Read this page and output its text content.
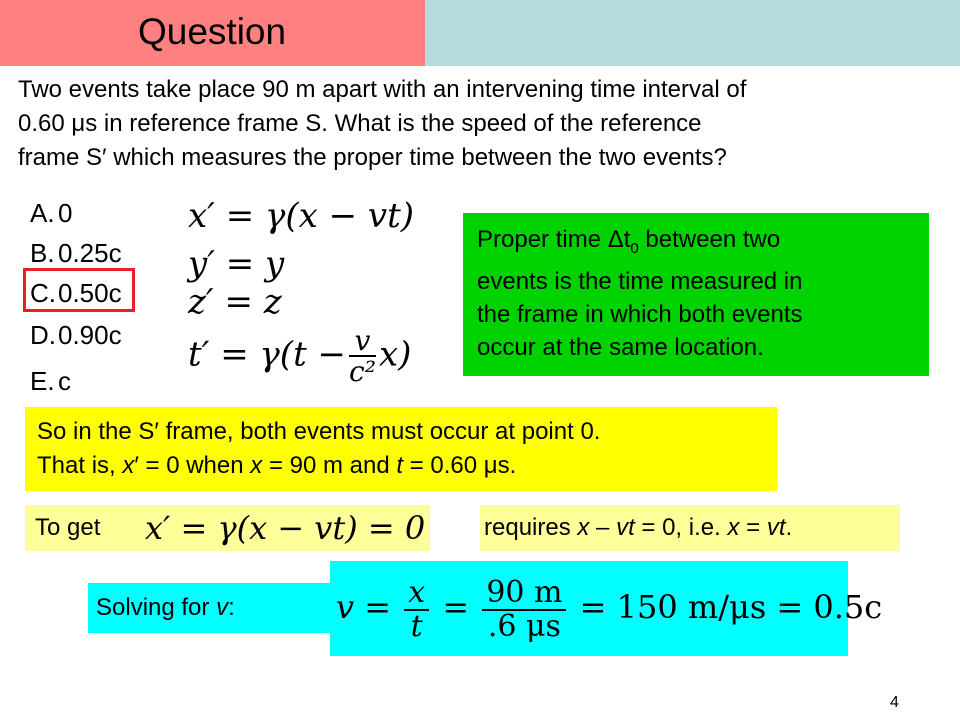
Question
Two events take place 90 m apart with an intervening time interval of
0.60 μs in reference frame S. What is the speed of the reference
frame S′ which measures the proper time between the two events?
A. 0
B. 0.25c
C.0.50c
D.0.90c
E. c
x′ = γ(x − vt)
y′ = y
z′ = z
$t' = \gamma(t - \frac{v}{\text{c²}} x)$
Proper time $\Delta t_0$ between two
events is the time measured in
the frame in which both events
occur at the same location.
So in the S′ frame, both events must occur at point 0.
That is, x′ = 0 when x = 90 m and t = 0.60 μs.
To get x′ = γ(x − vt) = 0 requires x – vt = 0, i.e. x = vt.
Solving for v:	$v = \frac{x}{t} = \frac{90 m}{.6 \mu s} = 150$ m/μs = 0.5c
4
